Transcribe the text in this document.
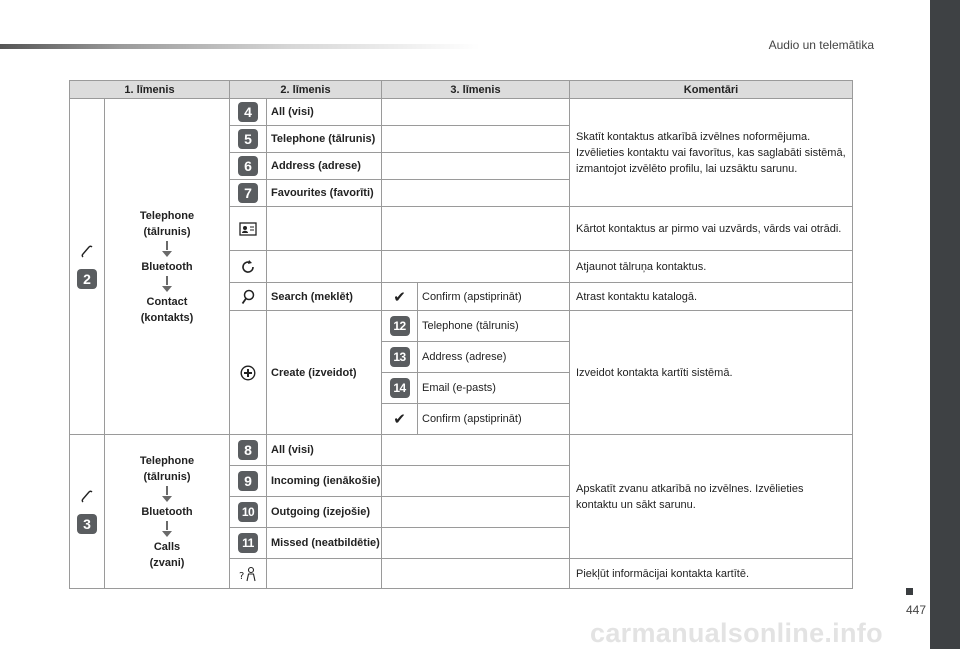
Audio un telemātika
447
carmanualsonline.info
1. līmenis		2. līmenis		3. līmenis		Komentāri

2	Telephone
(tālrunis)
Bluetooth
Contact
(kontakts)	4	All (visi)			Skatīt kontaktus atkarībā izvēlnes noformējuma. Izvēlieties kontaktu vai favorītus, kas saglabāti sistēmā, izmantojot izvēlēto profilu, lai uzsāktu sarunu.
		5	Telephone (tālrunis)			
		6	Address (adrese)			
		7	Favourites (favorīti)			
			Kārtot kontaktus ar pirmo vai uzvārds, vārds vai otrādi.
			Atjaunot tālruņa kontaktus.
	Search (meklēt)	✔	Confirm (apstiprināt)	Atrast kontaktu katalogā.
	Create (izveidot)	12	Telephone (tālrunis)	Izveidot kontakta kartīti sistēmā.
				13	Address (adrese)	
				14	Email (e-pasts)	
				✔	Confirm (apstiprināt)	

3	Telephone
(tālrunis)
Bluetooth
Calls
(zvani)	8	All (visi)			Apskatīt zvanu atkarībā no izvēlnes. Izvēlieties kontaktu un sākt sarunu.
		9	Incoming (ienākošie)			
		10	Outgoing (izejošie)			
		11	Missed (neatbildētie)			

?				Piekļūt informācijai kontakta kartītē.
